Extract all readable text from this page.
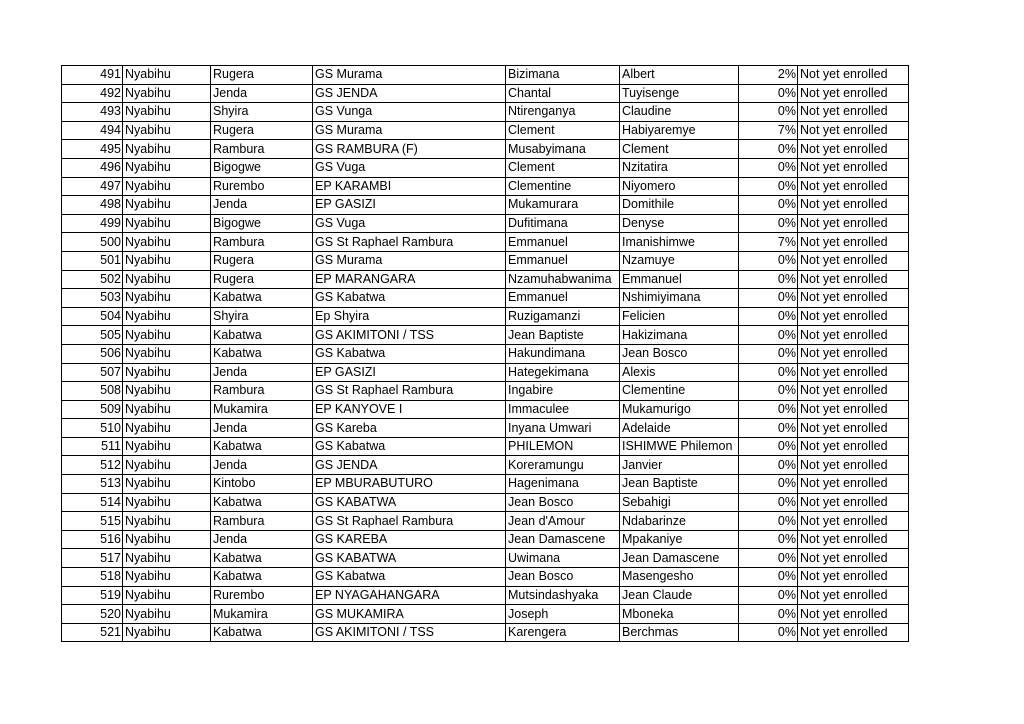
491	Nyabihu	Rugera	GS Murama	Bizimana	Albert	2%	Not yet enrolled
492	Nyabihu	Jenda	GS JENDA	Chantal	Tuyisenge	0%	Not yet enrolled
493	Nyabihu	Shyira	GS Vunga	Ntirenganya	Claudine	0%	Not yet enrolled
494	Nyabihu	Rugera	GS Murama	Clement	Habiyaremye	7%	Not yet enrolled
495	Nyabihu	Rambura	GS RAMBURA (F)	Musabyimana	Clement	0%	Not yet enrolled
496	Nyabihu	Bigogwe	GS Vuga	Clement	Nzitatira	0%	Not yet enrolled
497	Nyabihu	Rurembo	EP KARAMBI	Clementine	Niyomero	0%	Not yet enrolled
498	Nyabihu	Jenda	EP GASIZI	Mukamurara	Domithile	0%	Not yet enrolled
499	Nyabihu	Bigogwe	GS Vuga	Dufitimana	Denyse	0%	Not yet enrolled
500	Nyabihu	Rambura	GS St Raphael Rambura	Emmanuel	Imanishimwe	7%	Not yet enrolled
501	Nyabihu	Rugera	GS Murama	Emmanuel	Nzamuye	0%	Not yet enrolled
502	Nyabihu	Rugera	EP MARANGARA	Nzamuhabwanima	Emmanuel	0%	Not yet enrolled
503	Nyabihu	Kabatwa	GS Kabatwa	Emmanuel	Nshimiyimana	0%	Not yet enrolled
504	Nyabihu	Shyira	Ep Shyira	Ruzigamanzi	Felicien	0%	Not yet enrolled
505	Nyabihu	Kabatwa	GS AKIMITONI / TSS	Jean Baptiste	Hakizimana	0%	Not yet enrolled
506	Nyabihu	Kabatwa	GS Kabatwa	Hakundimana	Jean Bosco	0%	Not yet enrolled
507	Nyabihu	Jenda	EP GASIZI	Hategekimana	Alexis	0%	Not yet enrolled
508	Nyabihu	Rambura	GS St Raphael Rambura	Ingabire	Clementine	0%	Not yet enrolled
509	Nyabihu	Mukamira	EP KANYOVE I	Immaculee	Mukamurigo	0%	Not yet enrolled
510	Nyabihu	Jenda	GS Kareba	Inyana Umwari	Adelaide	0%	Not yet enrolled
511	Nyabihu	Kabatwa	GS Kabatwa	PHILEMON	ISHIMWE Philemon	0%	Not yet enrolled
512	Nyabihu	Jenda	GS JENDA	Koreramungu	Janvier	0%	Not yet enrolled
513	Nyabihu	Kintobo	EP MBURABUTURO	Hagenimana	Jean Baptiste	0%	Not yet enrolled
514	Nyabihu	Kabatwa	GS KABATWA	Jean Bosco	Sebahigi	0%	Not yet enrolled
515	Nyabihu	Rambura	GS St Raphael Rambura	Jean d'Amour	Ndabarinze	0%	Not yet enrolled
516	Nyabihu	Jenda	GS KAREBA	Jean Damascene	Mpakaniye	0%	Not yet enrolled
517	Nyabihu	Kabatwa	GS KABATWA	Uwimana	Jean Damascene	0%	Not yet enrolled
518	Nyabihu	Kabatwa	GS Kabatwa	Jean Bosco	Masengesho	0%	Not yet enrolled
519	Nyabihu	Rurembo	EP NYAGAHANGARA	Mutsindashyaka	Jean Claude	0%	Not yet enrolled
520	Nyabihu	Mukamira	GS MUKAMIRA	Joseph	Mboneka	0%	Not yet enrolled
521	Nyabihu	Kabatwa	GS AKIMITONI / TSS	Karengera	Berchmas	0%	Not yet enrolled
